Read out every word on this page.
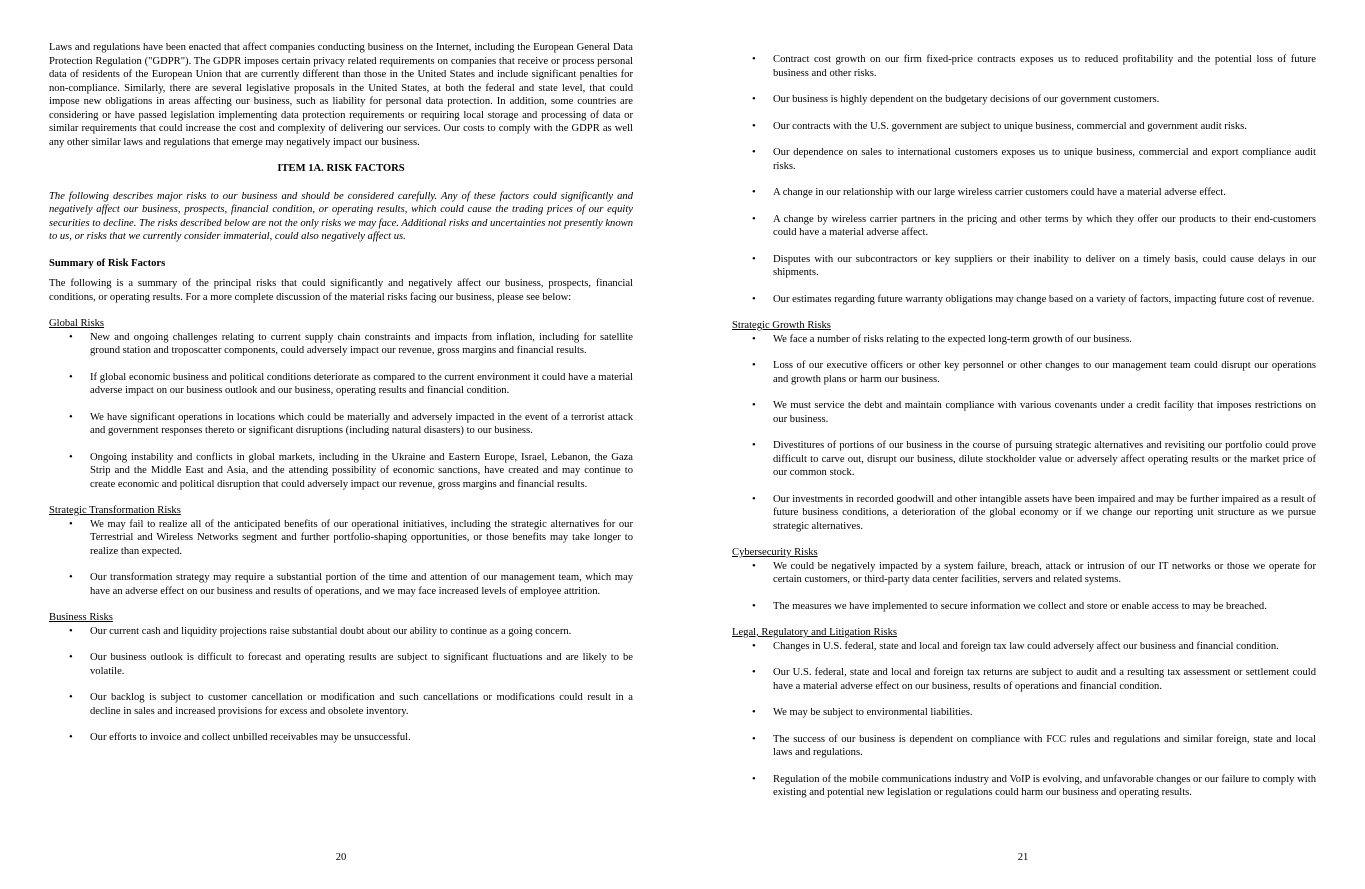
Laws and regulations have been enacted that affect companies conducting business on the Internet, including the European General Data Protection Regulation ("GDPR"). The GDPR imposes certain privacy related requirements on companies that receive or process personal data of residents of the European Union that are currently different than those in the United States and include significant penalties for non-compliance. Similarly, there are several legislative proposals in the United States, at both the federal and state level, that could impose new obligations in areas affecting our business, such as liability for personal data protection. In addition, some countries are considering or have passed legislation implementing data protection requirements or requiring local storage and processing of data or similar requirements that could increase the cost and complexity of delivering our services. Our costs to comply with the GDPR as well any other similar laws and regulations that emerge may negatively impact our business.

ITEM 1A. RISK FACTORS

The following describes major risks to our business and should be considered carefully. Any of these factors could significantly and negatively affect our business, prospects, financial condition, or operating results, which could cause the trading prices of our equity securities to decline. The risks described below are not the only risks we may face. Additional risks and uncertainties not presently known to us, or risks that we currently consider immaterial, could also negatively affect us.

Summary of Risk Factors

The following is a summary of the principal risks that could significantly and negatively affect our business, prospects, financial conditions, or operating results. For a more complete discussion of the material risks facing our business, please see below:

Global Risks

• New and ongoing challenges relating to current supply chain constraints and impacts from inflation, including for satellite ground station and troposcatter components, could adversely impact our revenue, gross margins and financial results.
• If global economic business and political conditions deteriorate as compared to the current environment it could have a material adverse impact on our business outlook and our business, operating results and financial condition.
• We have significant operations in locations which could be materially and adversely impacted in the event of a terrorist attack and government responses thereto or significant disruptions (including natural disasters) to our business.
• Ongoing instability and conflicts in global markets, including in the Ukraine and Eastern Europe, Israel, Lebanon, the Gaza Strip and the Middle East and Asia, and the attending possibility of economic sanctions, have created and may continue to create economic and political disruption that could adversely impact our revenue, gross margins and financial results.

Strategic Transformation Risks

• We may fail to realize all of the anticipated benefits of our operational initiatives, including the strategic alternatives for our Terrestrial and Wireless Networks segment and further portfolio-shaping opportunities, or those benefits may take longer to realize than expected.
• Our transformation strategy may require a substantial portion of the time and attention of our management team, which may have an adverse effect on our business and results of operations, and we may face increased levels of employee attrition.

Business Risks

• Our current cash and liquidity projections raise substantial doubt about our ability to continue as a going concern.
• Our business outlook is difficult to forecast and operating results are subject to significant fluctuations and are likely to be volatile.
• Our backlog is subject to customer cancellation or modification and such cancellations or modifications could result in a decline in sales and increased provisions for excess and obsolete inventory.
• Our efforts to invoice and collect unbilled receivables may be unsuccessful.
20
• Contract cost growth on our firm fixed-price contracts exposes us to reduced profitability and the potential loss of future business and other risks.
• Our business is highly dependent on the budgetary decisions of our government customers.
• Our contracts with the U.S. government are subject to unique business, commercial and government audit risks.
• Our dependence on sales to international customers exposes us to unique business, commercial and export compliance audit risks.
• A change in our relationship with our large wireless carrier customers could have a material adverse effect.
• A change by wireless carrier partners in the pricing and other terms by which they offer our products to their end-customers could have a material adverse affect.
• Disputes with our subcontractors or key suppliers or their inability to deliver on a timely basis, could cause delays in our shipments.
• Our estimates regarding future warranty obligations may change based on a variety of factors, impacting future cost of revenue.

Strategic Growth Risks

• We face a number of risks relating to the expected long-term growth of our business.
• Loss of our executive officers or other key personnel or other changes to our management team could disrupt our operations and growth plans or harm our business.
• We must service the debt and maintain compliance with various covenants under a credit facility that imposes restrictions on our business.
• Divestitures of portions of our business in the course of pursuing strategic alternatives and revisiting our portfolio could prove difficult to carve out, disrupt our business, dilute stockholder value or adversely affect operating results or the market price of our common stock.
• Our investments in recorded goodwill and other intangible assets have been impaired and may be further impaired as a result of future business conditions, a deterioration of the global economy or if we change our reporting unit structure as we pursue strategic alternatives.

Cybersecurity Risks

• We could be negatively impacted by a system failure, breach, attack or intrusion of our IT networks or those we operate for certain customers, or third-party data center facilities, servers and related systems.
• The measures we have implemented to secure information we collect and store or enable access to may be breached.

Legal, Regulatory and Litigation Risks

• Changes in U.S. federal, state and local and foreign tax law could adversely affect our business and financial condition.
• Our U.S. federal, state and local and foreign tax returns are subject to audit and a resulting tax assessment or settlement could have a material adverse effect on our business, results of operations and financial condition.
• We may be subject to environmental liabilities.
• The success of our business is dependent on compliance with FCC rules and regulations and similar foreign, state and local laws and regulations.
• Regulation of the mobile communications industry and VoIP is evolving, and unfavorable changes or our failure to comply with existing and potential new legislation or regulations could harm our business and operating results.
21
